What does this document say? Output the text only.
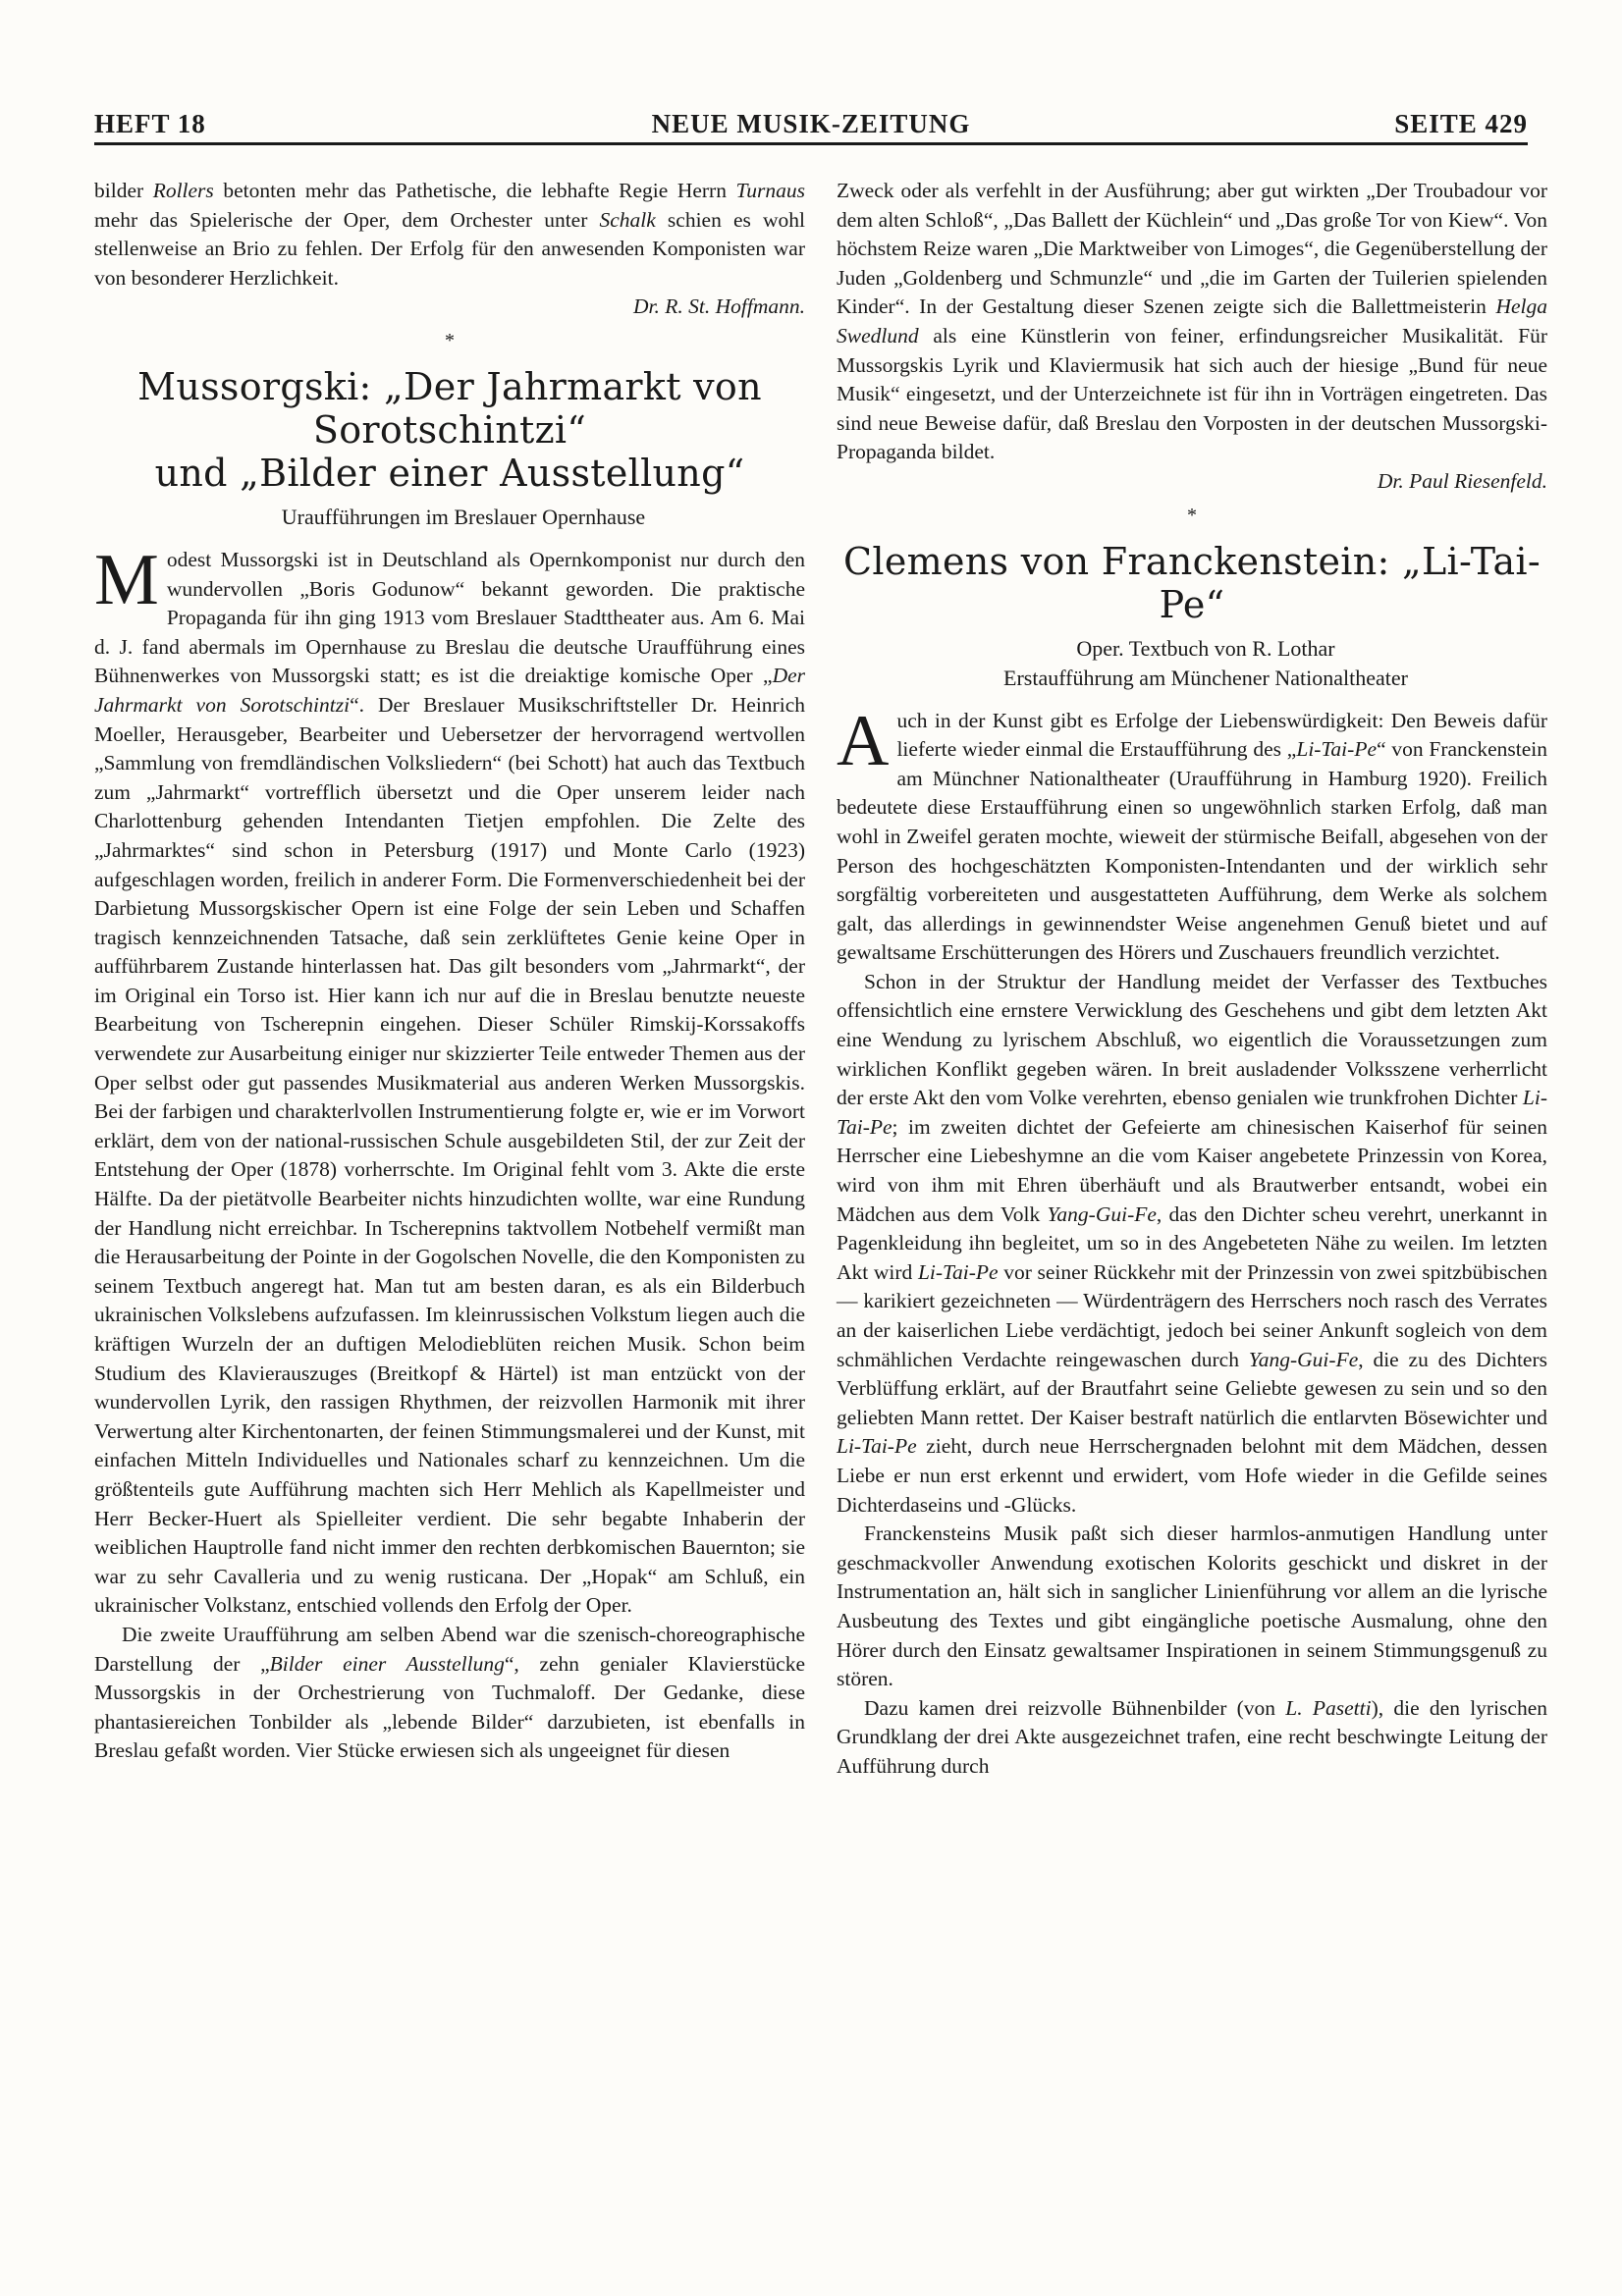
HEFT 18	NEUE MUSIK-ZEITUNG	SEITE 429

bilder Rollers betonten mehr das Pathetische, die lebhafte Regie Herrn Turnaus mehr das Spielerische der Oper, dem Orchester unter Schalk schien es wohl stellenweise an Brio zu fehlen. Der Erfolg für den anwesenden Komponisten war von besonderer Herzlichkeit.

Dr. R. St. Hoffmann.

*
Mussorgski: „Der Jahrmarkt von Sorotschintzi“
und „Bilder einer Ausstellung“

Uraufführungen im Breslauer Opernhause

Modest Mussorgski ist in Deutschland als Opernkomponist nur durch den wundervollen „Boris Godunow“ bekannt geworden. Die praktische Propaganda für ihn ging 1913 vom Breslauer Stadttheater aus. Am 6. Mai d. J. fand abermals im Opernhause zu Breslau die deutsche Uraufführung eines Bühnenwerkes von Mussorgski statt; es ist die dreiaktige komische Oper „Der Jahrmarkt von Sorotschintzi“. Der Breslauer Musikschriftsteller Dr. Heinrich Moeller, Herausgeber, Bearbeiter und Uebersetzer der hervorragend wertvollen „Sammlung von fremdländischen Volksliedern“ (bei Schott) hat auch das Textbuch zum „Jahrmarkt“ vortrefflich übersetzt und die Oper unserem leider nach Charlottenburg gehenden Intendanten Tietjen empfohlen. Die Zelte des „Jahrmarktes“ sind schon in Petersburg (1917) und Monte Carlo (1923) aufgeschlagen worden, freilich in anderer Form. Die Formenverschiedenheit bei der Darbietung Mussorgskischer Opern ist eine Folge der sein Leben und Schaffen tragisch kennzeichnenden Tatsache, daß sein zerklüftetes Genie keine Oper in aufführbarem Zustande hinterlassen hat. Das gilt besonders vom „Jahrmarkt“, der im Original ein Torso ist. Hier kann ich nur auf die in Breslau benutzte neueste Bearbeitung von Tscherepnin eingehen. Dieser Schüler Rimskij-Korssakoffs verwendete zur Ausarbeitung einiger nur skizzierter Teile entweder Themen aus der Oper selbst oder gut passendes Musikmaterial aus anderen Werken Mussorgskis. Bei der farbigen und charakterlvollen Instrumentierung folgte er, wie er im Vorwort erklärt, dem von der national-russischen Schule ausgebildeten Stil, der zur Zeit der Entstehung der Oper (1878) vorherrschte. Im Original fehlt vom 3. Akte die erste Hälfte. Da der pietätvolle Bearbeiter nichts hinzudichten wollte, war eine Rundung der Handlung nicht erreichbar. In Tscherepnins taktvollem Notbehelf vermißt man die Herausarbeitung der Pointe in der Gogolschen Novelle, die den Komponisten zu seinem Textbuch angeregt hat. Man tut am besten daran, es als ein Bilderbuch ukrainischen Volkslebens aufzufassen. Im kleinrussischen Volkstum liegen auch die kräftigen Wurzeln der an duftigen Melodieblüten reichen Musik. Schon beim Studium des Klavierauszuges (Breitkopf & Härtel) ist man entzückt von der wundervollen Lyrik, den rassigen Rhythmen, der reizvollen Harmonik mit ihrer Verwertung alter Kirchentonarten, der feinen Stimmungsmalerei und der Kunst, mit einfachen Mitteln Individuelles und Nationales scharf zu kennzeichnen. Um die größtenteils gute Aufführung machten sich Herr Mehlich als Kapellmeister und Herr Becker-Huert als Spielleiter verdient. Die sehr begabte Inhaberin der weiblichen Hauptrolle fand nicht immer den rechten derbkomischen Bauernton; sie war zu sehr Cavalleria und zu wenig rusticana. Der „Hopak“ am Schluß, ein ukrainischer Volkstanz, entschied vollends den Erfolg der Oper.

Die zweite Uraufführung am selben Abend war die szenisch-choreographische Darstellung der „Bilder einer Ausstellung“, zehn genialer Klavierstücke Mussorgskis in der Orchestrierung von Tuchmaloff. Der Gedanke, diese phantasiereichen Tonbilder als „lebende Bilder“ darzubieten, ist ebenfalls in Breslau gefaßt worden. Vier Stücke erwiesen sich als ungeeignet für diesen

Zweck oder als verfehlt in der Ausführung; aber gut wirkten „Der Troubadour vor dem alten Schloß“, „Das Ballett der Küchlein“ und „Das große Tor von Kiew“. Von höchstem Reize waren „Die Marktweiber von Limoges“, die Gegenüberstellung der Juden „Goldenberg und Schmunzle“ und „die im Garten der Tuilerien spielenden Kinder“. In der Gestaltung dieser Szenen zeigte sich die Ballettmeisterin Helga Swedlund als eine Künstlerin von feiner, erfindungsreicher Musikalität. Für Mussorgskis Lyrik und Klaviermusik hat sich auch der hiesige „Bund für neue Musik“ eingesetzt, und der Unterzeichnete ist für ihn in Vorträgen eingetreten. Das sind neue Beweise dafür, daß Breslau den Vorposten in der deutschen Mussorgski-Propaganda bildet.

Dr. Paul Riesenfeld.

*
Clemens von Franckenstein: „Li-Tai-Pe“

Oper. Textbuch von R. Lothar

Erstaufführung am Münchener Nationaltheater

Auch in der Kunst gibt es Erfolge der Liebenswürdigkeit: Den Beweis dafür lieferte wieder einmal die Erstaufführung des „Li-Tai-Pe“ von Franckenstein am Münchner Nationaltheater (Uraufführung in Hamburg 1920). Freilich bedeutete diese Erstaufführung einen so ungewöhnlich starken Erfolg, daß man wohl in Zweifel geraten mochte, wieweit der stürmische Beifall, abgesehen von der Person des hochgeschätzten Komponisten-Intendanten und der wirklich sehr sorgfältig vorbereiteten und ausgestatteten Aufführung, dem Werke als solchem galt, das allerdings in gewinnendster Weise angenehmen Genuß bietet und auf gewaltsame Erschütterungen des Hörers und Zuschauers freundlich verzichtet.

Schon in der Struktur der Handlung meidet der Verfasser des Textbuches offensichtlich eine ernstere Verwicklung des Geschehens und gibt dem letzten Akt eine Wendung zu lyrischem Abschluß, wo eigentlich die Voraussetzungen zum wirklichen Konflikt gegeben wären. In breit ausladender Volksszene verherrlicht der erste Akt den vom Volke verehrten, ebenso genialen wie trunkfrohen Dichter Li-Tai-Pe; im zweiten dichtet der Gefeierte am chinesischen Kaiserhof für seinen Herrscher eine Liebeshymne an die vom Kaiser angebetete Prinzessin von Korea, wird von ihm mit Ehren überhäuft und als Brautwerber entsandt, wobei ein Mädchen aus dem Volk Yang-Gui-Fe, das den Dichter scheu verehrt, unerkannt in Pagenkleidung ihn begleitet, um so in des Angebeteten Nähe zu weilen. Im letzten Akt wird Li-Tai-Pe vor seiner Rückkehr mit der Prinzessin von zwei spitzbübischen — karikiert gezeichneten — Würdenträgern des Herrschers noch rasch des Verrates an der kaiserlichen Liebe verdächtigt, jedoch bei seiner Ankunft sogleich von dem schmählichen Verdachte reingewaschen durch Yang-Gui-Fe, die zu des Dichters Verblüffung erklärt, auf der Brautfahrt seine Geliebte gewesen zu sein und so den geliebten Mann rettet. Der Kaiser bestraft natürlich die entlarvten Bösewichter und Li-Tai-Pe zieht, durch neue Herrschergnaden belohnt mit dem Mädchen, dessen Liebe er nun erst erkennt und erwidert, vom Hofe wieder in die Gefilde seines Dichterdaseins und -Glücks.

Franckensteins Musik paßt sich dieser harmlos-anmutigen Handlung unter geschmackvoller Anwendung exotischen Kolorits geschickt und diskret in der Instrumentation an, hält sich in sanglicher Linienführung vor allem an die lyrische Ausbeutung des Textes und gibt eingängliche poetische Ausmalung, ohne den Hörer durch den Einsatz gewaltsamer Inspirationen in seinem Stimmungsgenuß zu stören.

Dazu kamen drei reizvolle Bühnenbilder (von L. Pasetti), die den lyrischen Grundklang der drei Akte ausgezeichnet trafen, eine recht beschwingte Leitung der Aufführung durch
